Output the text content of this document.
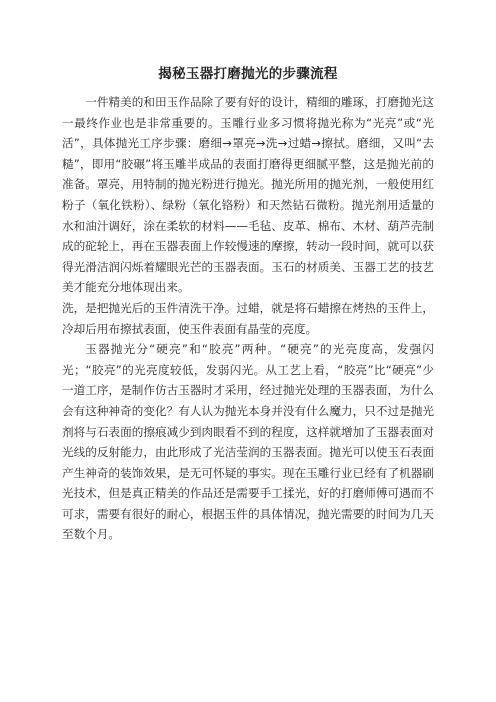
揭秘玉器打磨抛光的步骤流程

一件精美的和田玉作品除了要有好的设计，精细的雕琢，打磨抛光这一最终作业也是非常重要的。玉雕行业多习惯将抛光称为“光亮”或“光活”，具体抛光工序步骤：磨细→罩亮→洗→过蜡→擦拭。磨细，又叫“去糙”，即用“胶碾”将玉雕半成品的表面打磨得更细腻平整，这是抛光前的准备。罩亮，用特制的抛光粉进行抛光。抛光所用的抛光剂，一般使用红粉子（氧化铁粉）、绿粉（氧化铬粉）和天然钻石微粉。抛光剂用适量的水和油汁调好，涂在柔软的材料——毛毡、皮革、棉布、木材、葫芦壳制成的砣轮上，再在玉器表面上作较慢速的摩擦，转动一段时间，就可以获得光滑洁润闪烁着耀眼光芒的玉器表面。玉石的材质美、玉器工艺的技艺美才能充分地体现出来。

洗，是把抛光后的玉件清洗干净。过蜡，就是将石蜡擦在烤热的玉件上，冷却后用布擦拭表面，使玉件表面有晶莹的亮度。

玉器抛光分“硬亮”和“胶亮”两种。“硬亮”的光亮度高，发强闪光；“胶亮”的光亮度较低，发弱闪光。从工艺上看，“胶亮”比“硬亮”少一道工序，是制作仿古玉器时才采用，经过抛光处理的玉器表面，为什么会有这种神奇的变化？有人认为抛光本身并没有什么魔力，只不过是抛光剂将与石表面的擦痕减少到肉眼看不到的程度，这样就增加了玉器表面对光线的反射能力，由此形成了光洁莹润的玉器表面。抛光可以使玉石表面产生神奇的装饰效果，是无可怀疑的事实。现在玉雕行业已经有了机器刷光技术，但是真正精美的作品还是需要手工揉光，好的打磨师傅可遇而不可求，需要有很好的耐心，根据玉件的具体情况，抛光需要的时间为几天至数个月。
